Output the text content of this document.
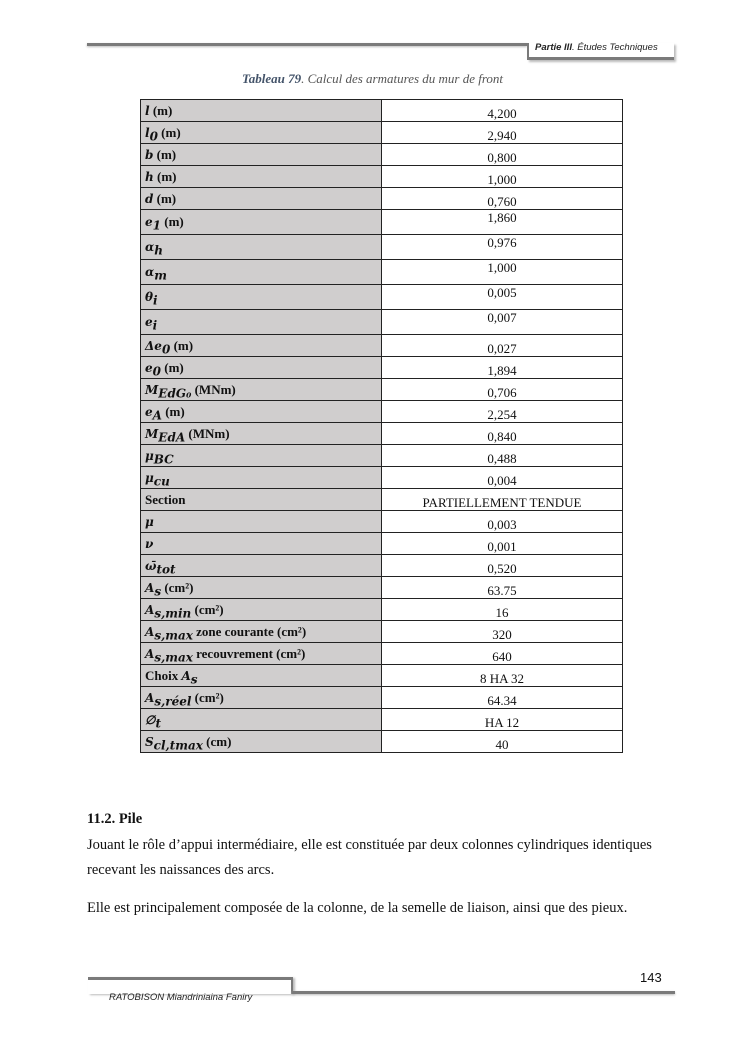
Partie III. Études Techniques
Tableau 79. Calcul des armatures du mur de front
l (m)	4,200
$l_0$ (m)	2,940
b (m)	0,800
h (m)	1,000
d (m)	0,760
$e_1$ (m)	1,860
$\alpha_h$	0,976
$\alpha_m$	1,000
$\theta_i$	0,005
$e_i$	0,007
$\Delta e_0$ (m)	0,027
$e_0$ (m)	1,894
$M_{EdG_0}$ (MNm)	0,706
$e_A$ (m)	2,254
$M_{EdA}$ (MNm)	0,840
$\mu_{BC}$	0,488
$\mu_{cu}$	0,004
Section	PARTIELLEMENT TENDUE
μ	0,003
ν	0,001
$\omegā_{tot}$	0,520
$A_s$ (cm²)	63.75
$A_{s,min}$ (cm²)	16
$A_{s,max}$ zone courante (cm²)	320
$A_{s,max}$ recouvrement (cm²)	640
Choix $A_s$	8 HA 32
$A_{s,réel}$ (cm²)	64.34
$\emptyset_t$	HA 12
$S_{cl,tmax}$ (cm)	40
11.2. Pile
Jouant le rôle d’appui intermédiaire, elle est constituée par deux colonnes cylindriques identiques recevant les naissances des arcs.
Elle est principalement composée de la colonne, de la semelle de liaison, ainsi que des pieux.
143
RATOBISON Miandriniaina Faniry
